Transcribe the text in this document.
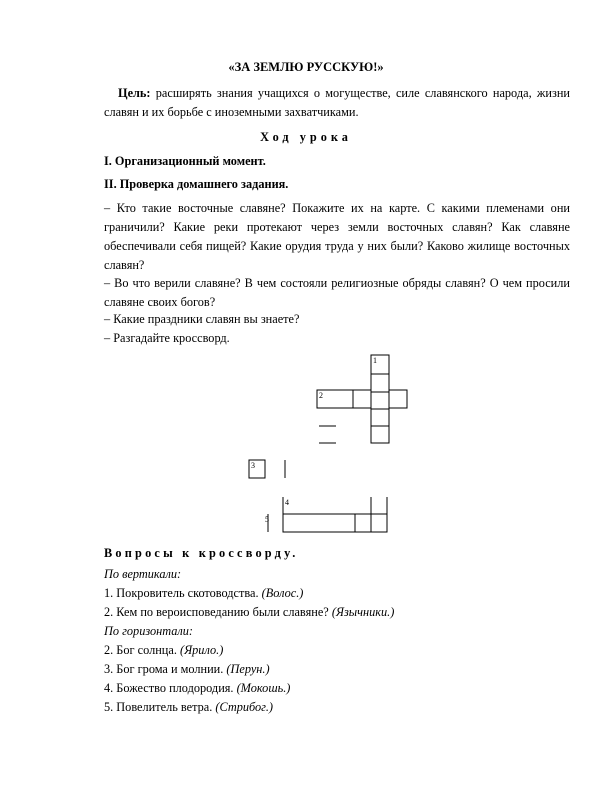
«ЗА ЗЕМЛЮ РУССКУЮ!»
Цель: расширять знания учащихся о могуществе, силе славянского народа, жизни славян и их борьбе с иноземными захватчиками.
Ход урока
I. Организационный момент.
II. Проверка домашнего задания.
– Кто такие восточные славяне? Покажите их на карте. С какими племенами они граничили? Какие реки протекают через земли восточных славян? Как славяне обеспечивали себя пищей? Какие орудия труда у них были? Каково жилище восточных славян?
– Во что верили славяне? В чем состояли религиозные обряды славян? О чем просили славяне своих богов?
– Какие праздники славян вы знаете?
– Разгадайте кроссворд.
1
2
3
4
5
Вопросы к кроссворду.
По вертикали:
1. Покровитель скотоводства. (Волос.)
2. Кем по вероисповеданию были славяне? (Язычники.)
По горизонтали:
2. Бог солнца. (Ярило.)
3. Бог грома и молнии. (Перун.)
4. Божество плодородия. (Мокошь.)
5. Повелитель ветра. (Стрибог.)
